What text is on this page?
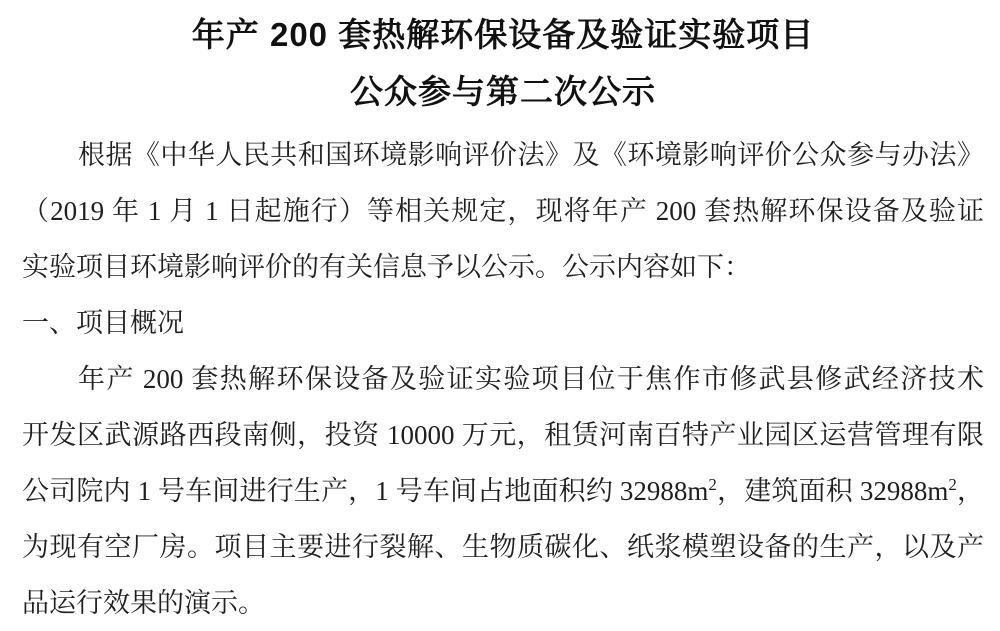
年产 200 套热解环保设备及验证实验项目
公众参与第二次公示
根据《中华人民共和国环境影响评价法》及《环境影响评价公众参与办法》
（2019 年 1 月 1 日起施行）等相关规定，现将年产 200 套热解环保设备及验证
实验项目环境影响评价的有关信息予以公示。公示内容如下：
一、项目概况
年产 200 套热解环保设备及验证实验项目位于焦作市修武县修武经济技术
开发区武源路西段南侧，投资 10000 万元，租赁河南百特产业园区运营管理有限
公司院内 1 号车间进行生产，1 号车间占地面积约 $32988m^2$，建筑面积 $32988m^2$，
为现有空厂房。项目主要进行裂解、生物质碳化、纸浆模塑设备的生产，以及产
品运行效果的演示。
